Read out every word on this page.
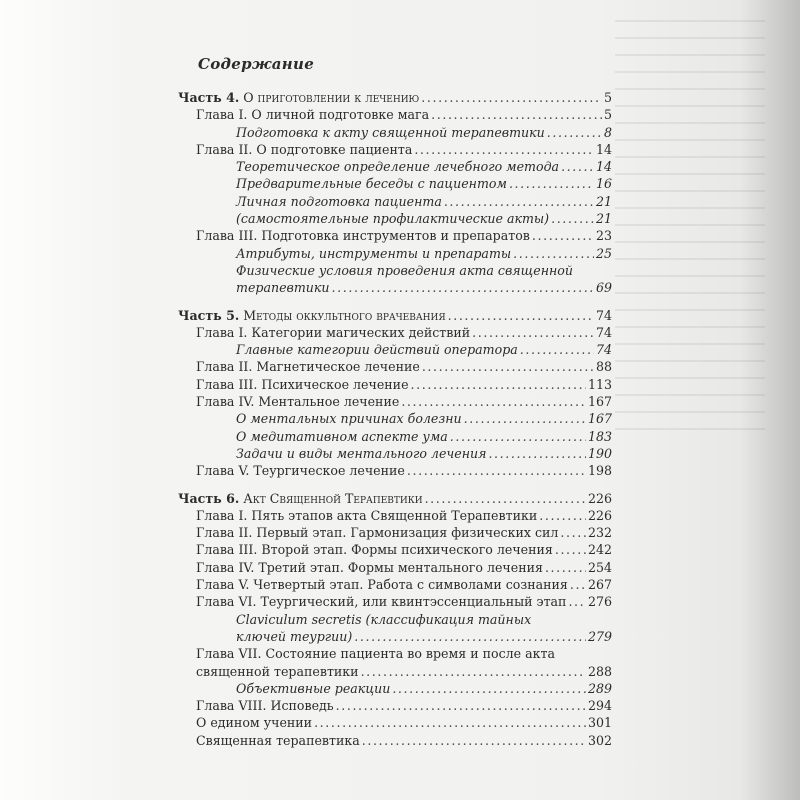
Содержание
Часть 4. О приготовлении к лечению .....	5
Глава I. О личной подготовке мага .....	5
Подготовка к акту священной терапевтики .....	8
Глава II. О подготовке пациента .....	14
Теоретическое определение лечебного метода .....	14
Предварительные беседы с пациентом .....	16
Личная подготовка пациента .....	21
(самостоятельные профилактические акты) .....	21
Глава III. Подготовка инструментов и препаратов .....	23
Атрибуты, инструменты и препараты .....	25
Физические условия проведения акта священной
терапевтики .....	69
Часть 5. Методы оккультного врачевания .....	74
Глава I. Категории магических действий .....	74
Главные категории действий оператора .....	74
Глава II. Магнетическое лечение .....	88
Глава III. Психическое лечение .....	113
Глава IV. Ментальное лечение .....	167
О ментальных причинах болезни .....	167
О медитативном аспекте ума .....	183
Задачи и виды ментального лечения .....	190
Глава V. Теургическое лечение .....	198
Часть 6. Акт Священной Терапевтики .....	226
Глава I. Пять этапов акта Священной Терапевтики .....	226
Глава II. Первый этап. Гармонизация физических сил ..... 232
Глава III. Второй этап. Формы психического лечения .....	242
Глава IV. Третий этап. Формы ментального лечения .....	254
Глава V. Четвертый этап. Работа с символами сознания ..... 267
Глава VI. Теургический, или квинтэссенциальный этап ..... 276
Claviculum secretis (классификация тайных
ключей теургии) .....	279
Глава VII. Состояние пациента во время и после акта
священной терапевтики .....	288
Объективные реакции .....	289
Глава VIII. Исповедь .....	294
О едином учении .....	301
Священная терапевтика .....	302
